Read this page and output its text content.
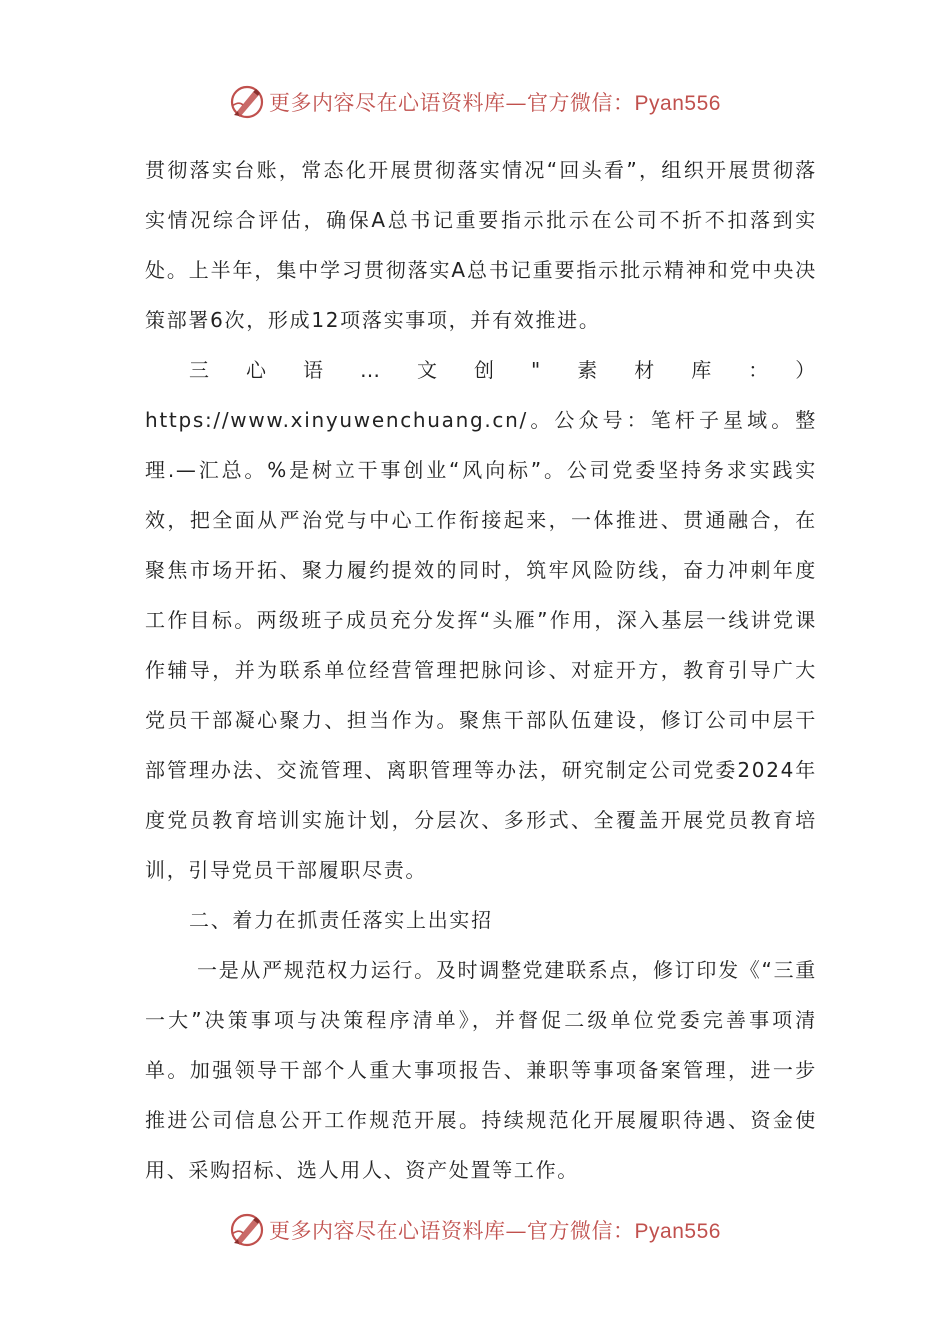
更多内容尽在心语资料库—官方微信：Pyan556

贯彻落实台账，常态化开展贯彻落实情况“回头看”，组织开展贯彻落实情况综合评估，确保A总书记重要指示批示在公司不折不扣落到实处。上半年，集中学习贯彻落实A总书记重要指示批示精神和党中央决策部署6次，形成12项落实事项，并有效推进。

三心语…文创"素材库：）https://www.xinyuwenchuang.cn/。公众号：笔杆子星域。整理.—汇总。%是树立干事创业“风向标”。公司党委坚持务求实践实效，把全面从严治党与中心工作衔接起来，一体推进、贯通融合，在聚焦市场开拓、聚力履约提效的同时，筑牢风险防线，奋力冲刺年度工作目标。两级班子成员充分发挥“头雁”作用，深入基层一线讲党课作辅导，并为联系单位经营管理把脉问诊、对症开方，教育引导广大党员干部凝心聚力、担当作为。聚焦干部队伍建设，修订公司中层干部管理办法、交流管理、离职管理等办法，研究制定公司党委2024年度党员教育培训实施计划，分层次、多形式、全覆盖开展党员教育培训，引导党员干部履职尽责。

二、着力在抓责任落实上出实招

一是从严规范权力运行。及时调整党建联系点，修订印发《“三重一大”决策事项与决策程序清单》，并督促二级单位党委完善事项清单。加强领导干部个人重大事项报告、兼职等事项备案管理，进一步推进公司信息公开工作规范开展。持续规范化开展履职待遇、资金使用、采购招标、选人用人、资产处置等工作。

更多内容尽在心语资料库—官方微信：Pyan556
